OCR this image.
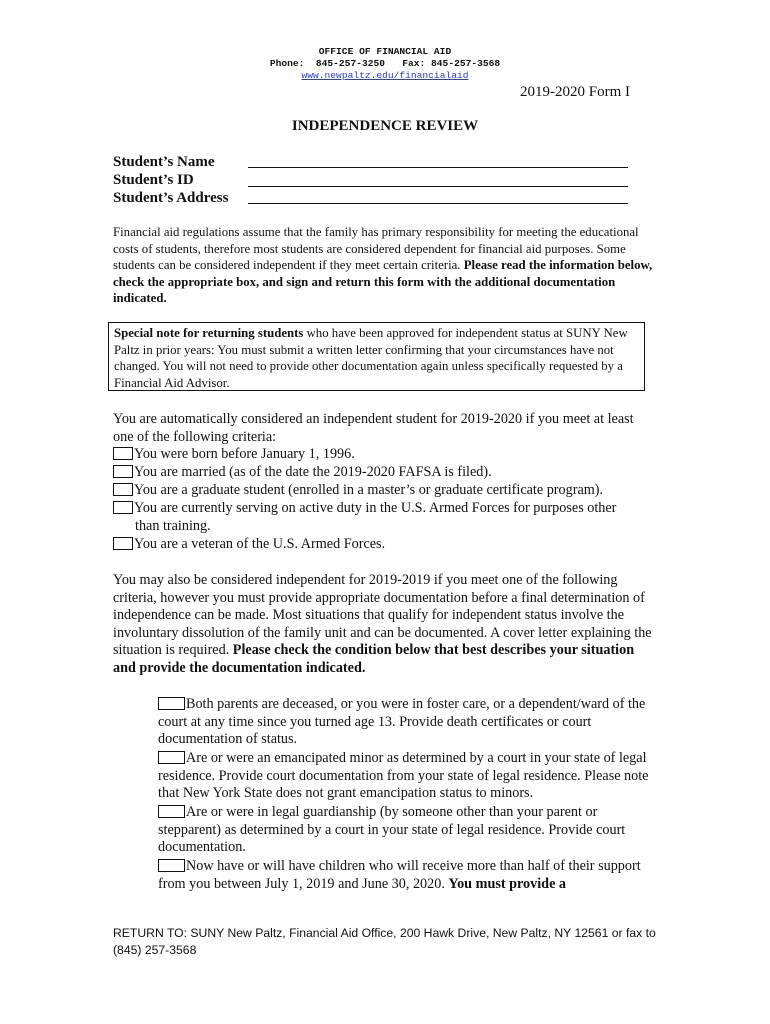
OFFICE OF FINANCIAL AID
Phone:  845-257-3250   Fax: 845-257-3568
www.newpaltz.edu/financialaid
2019-2020 Form I
INDEPENDENCE REVIEW
Student’s Name
Student’s ID
Student’s Address
Financial aid regulations assume that the family has primary responsibility for meeting the educational costs of students, therefore most students are considered dependent for financial aid purposes. Some students can be considered independent if they meet certain criteria. Please read the information below, check the appropriate box, and sign and return this form with the additional documentation indicated.
Special note for returning students who have been approved for independent status at SUNY New Paltz in prior years: You must submit a written letter confirming that your circumstances have not changed. You will not need to provide other documentation again unless specifically requested by a Financial Aid Advisor.
You are automatically considered an independent student for 2019-2020 if you meet at least one of the following criteria:
You were born before January 1, 1996.
You are married (as of the date the 2019-2020 FAFSA is filed).
You are a graduate student (enrolled in a master’s or graduate certificate program).
You are currently serving on active duty in the U.S. Armed Forces for purposes other
than training.
You are a veteran of the U.S. Armed Forces.
You may also be considered independent for 2019-2019 if you meet one of the following criteria, however you must provide appropriate documentation before a final determination of independence can be made. Most situations that qualify for independent status involve the involuntary dissolution of the family unit and can be documented. A cover letter explaining the situation is required. Please check the condition below that best describes your situation and provide the documentation indicated.
Both parents are deceased, or you were in foster care, or a dependent/ward of the court at any time since you turned age 13. Provide death certificates or court documentation of status.
Are or were an emancipated minor as determined by a court in your state of legal residence. Provide court documentation from your state of legal residence. Please note that New York State does not grant emancipation status to minors.
Are or were in legal guardianship (by someone other than your parent or stepparent) as determined by a court in your state of legal residence. Provide court documentation.
Now have or will have children who will receive more than half of their support from you between July 1, 2019 and June 30, 2020. You must provide a
RETURN TO: SUNY New Paltz, Financial Aid Office, 200 Hawk Drive, New Paltz, NY 12561 or fax to (845) 257-3568
